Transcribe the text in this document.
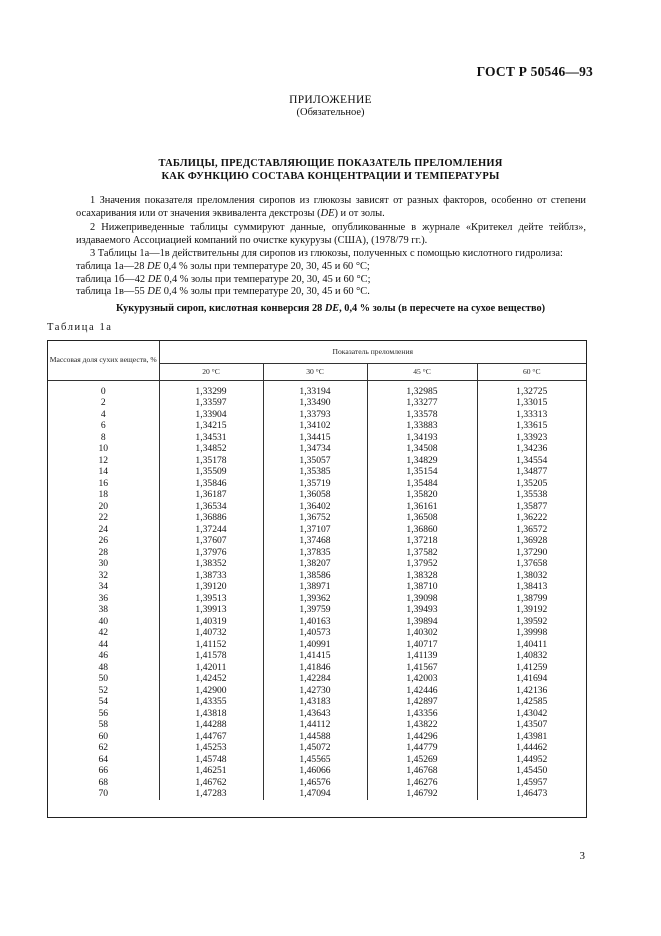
ГОСТ Р 50546—93
ПРИЛОЖЕНИЕ
(Обязательное)
ТАБЛИЦЫ, ПРЕДСТАВЛЯЮЩИЕ ПОКАЗАТЕЛЬ ПРЕЛОМЛЕНИЯ
КАК ФУНКЦИЮ СОСТАВА КОНЦЕНТРАЦИИ И ТЕМПЕРАТУРЫ
1 Значения показателя преломления сиропов из глюкозы зависят от разных факторов, особенно от степени осахаривания или от значения эквивалента декстрозы (DE) и от золы.
2 Нижеприведенные таблицы суммируют данные, опубликованные в журнале «Критекел дейте тейблз», издаваемого Ассоциацией компаний по очистке кукурузы (США), (1978/79 гг.).
3 Таблицы 1а—1в действительны для сиропов из глюкозы, полученных с помощью кислотного гидролиза:
таблица 1а—28 DE 0,4 % золы при температуре 20, 30, 45 и 60 °С;
таблица 1б—42 DE 0,4 % золы при температуре 20, 30, 45 и 60 °С;
таблица 1в—55 DE 0,4 % золы при температуре 20, 30, 45 и 60 °С.
Кукурузный сироп, кислотная конверсия 28 DE, 0,4 % золы (в пересчете на сухое вещество)
Таблица 1а
Массовая доля сухих веществ, %	Показатель преломления			
	20 °C	30 °C	45 °C	60 °C
0	1,33299	1,33194	1,32985	1,32725
2	1,33597	1,33490	1,33277	1,33015
4	1,33904	1,33793	1,33578	1,33313
6	1,34215	1,34102	1,33883	1,33615
8	1,34531	1,34415	1,34193	1,33923
10	1,34852	1,34734	1,34508	1,34236
12	1,35178	1,35057	1,34829	1,34554
14	1,35509	1,35385	1,35154	1,34877
16	1,35846	1,35719	1,35484	1,35205
18	1,36187	1,36058	1,35820	1,35538
20	1,36534	1,36402	1,36161	1,35877
22	1,36886	1,36752	1,36508	1,36222
24	1,37244	1,37107	1,36860	1,36572
26	1,37607	1,37468	1,37218	1,36928
28	1,37976	1,37835	1,37582	1,37290
30	1,38352	1,38207	1,37952	1,37658
32	1,38733	1,38586	1,38328	1,38032
34	1,39120	1,38971	1,38710	1,38413
36	1,39513	1,39362	1,39098	1,38799
38	1,39913	1,39759	1,39493	1,39192
40	1,40319	1,40163	1,39894	1,39592
42	1,40732	1,40573	1,40302	1,39998
44	1,41152	1,40991	1,40717	1,40411
46	1,41578	1,41415	1,41139	1,40832
48	1,42011	1,41846	1,41567	1,41259
50	1,42452	1,42284	1,42003	1,41694
52	1,42900	1,42730	1,42446	1,42136
54	1,43355	1,43183	1,42897	1,42585
56	1,43818	1,43643	1,43356	1,43042
58	1,44288	1,44112	1,43822	1,43507
60	1,44767	1,44588	1,44296	1,43981
62	1,45253	1,45072	1,44779	1,44462
64	1,45748	1,45565	1,45269	1,44952
66	1,46251	1,46066	1,46768	1,45450
68	1,46762	1,46576	1,46276	1,45957
70	1,47283	1,47094	1,46792	1,46473
3
